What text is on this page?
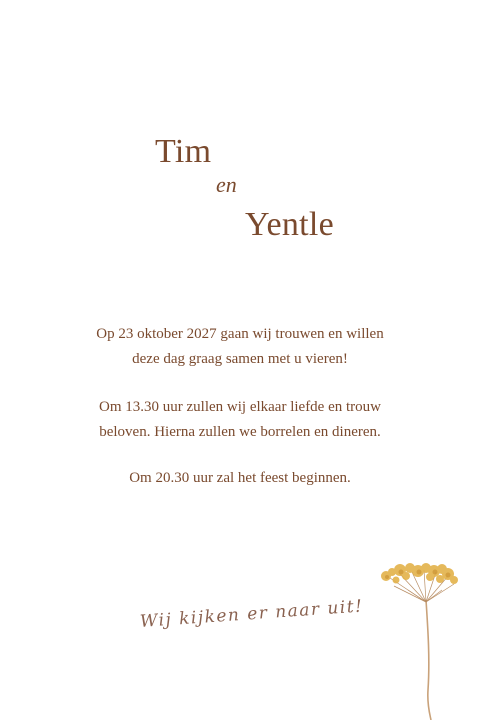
Tim
en
Yentle
Op 23 oktober 2027 gaan wij trouwen en willen
deze dag graag samen met u vieren!
Om 13.30 uur zullen wij elkaar liefde en trouw
beloven. Hierna zullen we borrelen en dineren.
Om 20.30 uur zal het feest beginnen.
Wij kijken er naar uit!
